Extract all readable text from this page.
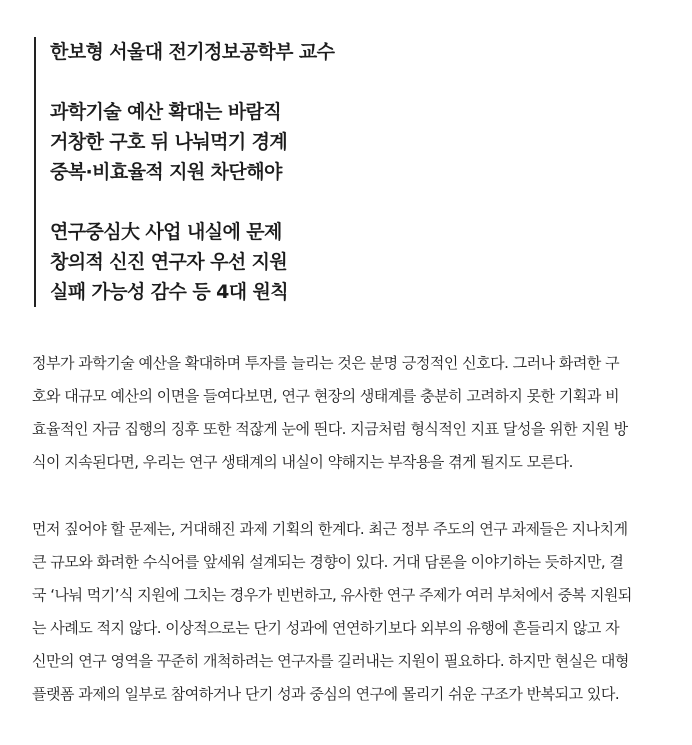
한보형 서울대 전기정보공학부 교수
과학기술 예산 확대는 바람직
거창한 구호 뒤 나눠먹기 경계
중복·비효율적 지원 차단해야
연구중심大 사업 내실에 문제
창의적 신진 연구자 우선 지원
실패 가능성 감수 등 4대 원칙
정부가 과학기술 예산을 확대하며 투자를 늘리는 것은 분명 긍정적인 신호다. 그러나 화려한 구
호와 대규모 예산의 이면을 들여다보면, 연구 현장의 생태계를 충분히 고려하지 못한 기획과 비
효율적인 자금 집행의 징후 또한 적잖게 눈에 띈다. 지금처럼 형식적인 지표 달성을 위한 지원 방
식이 지속된다면, 우리는 연구 생태계의 내실이 약해지는 부작용을 겪게 될지도 모른다.
먼저 짚어야 할 문제는, 거대해진 과제 기획의 한계다. 최근 정부 주도의 연구 과제들은 지나치게
큰 규모와 화려한 수식어를 앞세워 설계되는 경향이 있다. 거대 담론을 이야기하는 듯하지만, 결
국 ‘나눠 먹기’식 지원에 그치는 경우가 빈번하고, 유사한 연구 주제가 여러 부처에서 중복 지원되
는 사례도 적지 않다. 이상적으로는 단기 성과에 연연하기보다 외부의 유행에 흔들리지 않고 자
신만의 연구 영역을 꾸준히 개척하려는 연구자를 길러내는 지원이 필요하다. 하지만 현실은 대형
플랫폼 과제의 일부로 참여하거나 단기 성과 중심의 연구에 몰리기 쉬운 구조가 반복되고 있다.
